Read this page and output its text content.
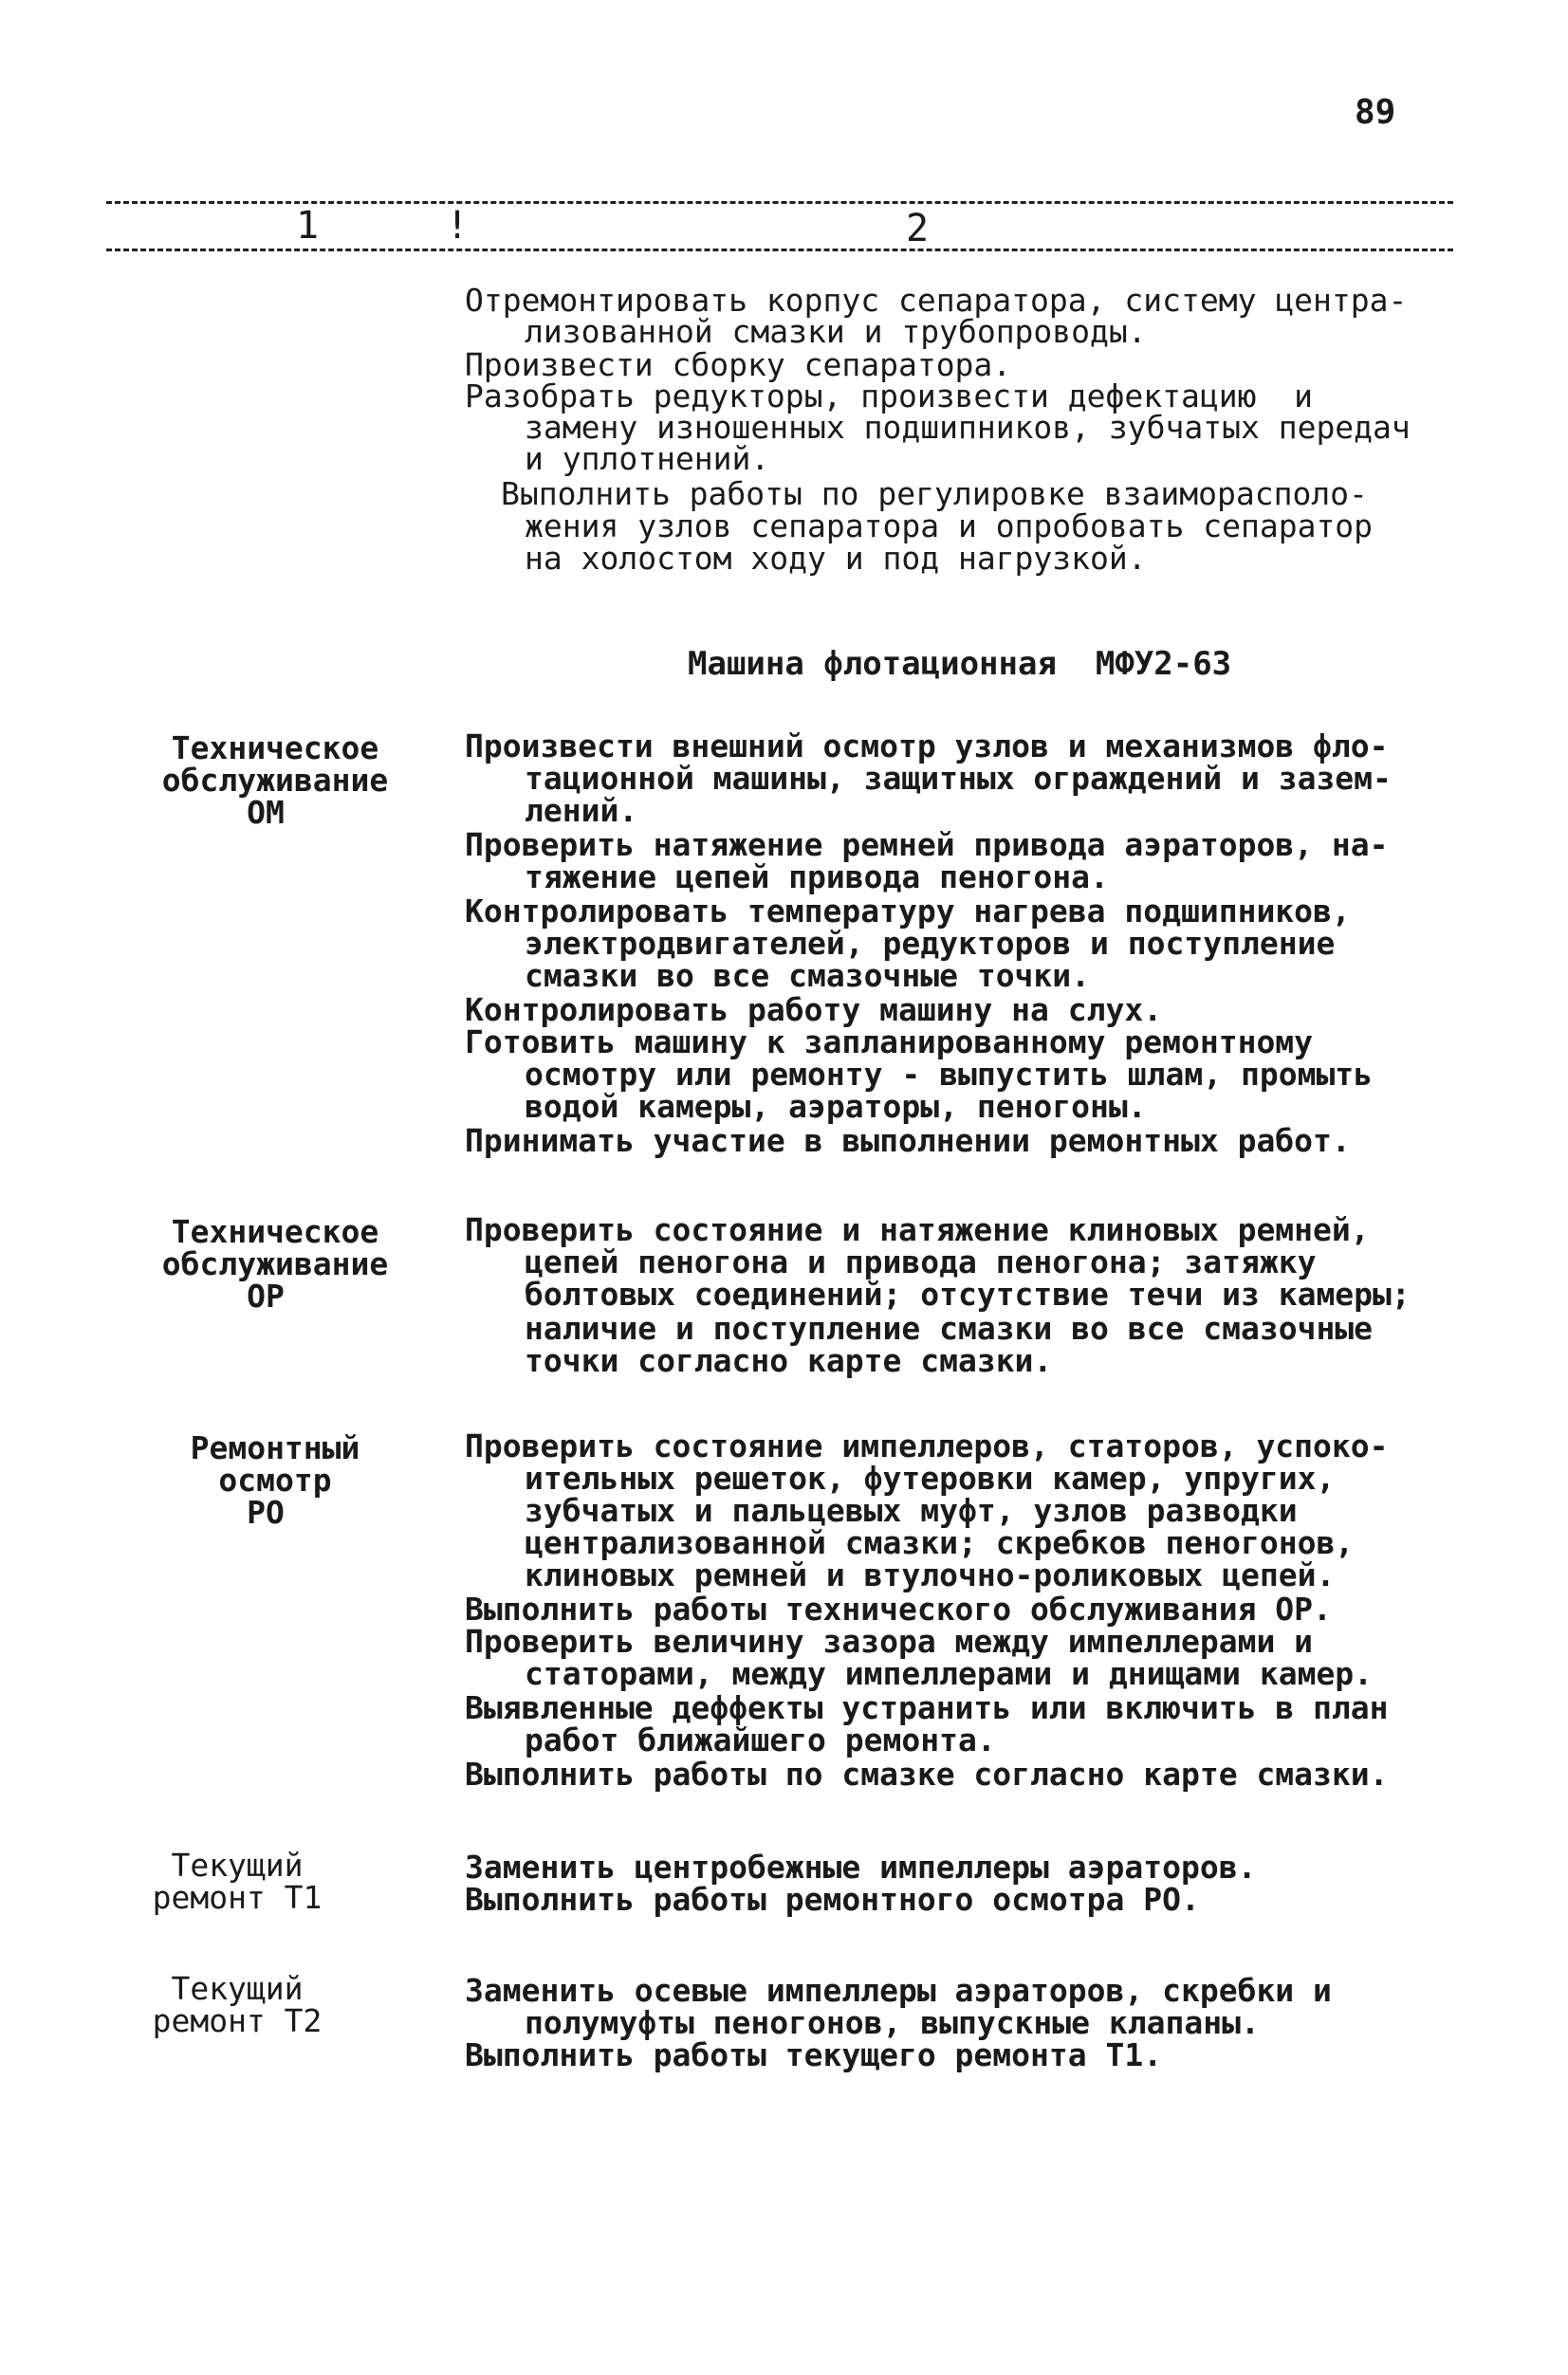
89
1	!	2
Отремонтировать корпус сепаратора, систему центра-
лизованной смазки и трубопроводы.
Произвести сборку сепаратора.
Разобрать редукторы, произвести дефектацию  и
замену изношенных подшипников, зубчатых передач
и уплотнений.
Выполнить работы по регулировке взаиморасполо-
жения узлов сепаратора и опробовать сепаратор
на холостом ходу и под нагрузкой.
Машина флотационная  МФУ2-63
Техническое
обслуживание
ОМ
Произвести внешний осмотр узлов и механизмов фло-
тационной машины, защитных ограждений и зазем-
лений.
Проверить натяжение ремней привода аэраторов, на-
тяжение цепей привода пеногона.
Контролировать температуру нагрева подшипников,
электродвигателей, редукторов и поступление
смазки во все смазочные точки.
Контролировать работу машину на слух.
Готовить машину к запланированному ремонтному
осмотру или ремонту - выпустить шлам, промыть
водой камеры, аэраторы, пеногоны.
Принимать участие в выполнении ремонтных работ.
Техническое
обслуживание
ОР
Проверить состояние и натяжение клиновых ремней,
цепей пеногона и привода пеногона; затяжку
болтовых соединений; отсутствие течи из камеры;
наличие и поступление смазки во все смазочные
точки согласно карте смазки.
Ремонтный
осмотр
РО
Проверить состояние импеллеров, статоров, успоко-
ительных решеток, футеровки камер, упругих,
зубчатых и пальцевых муфт, узлов разводки
централизованной смазки; скребков пеногонов,
клиновых ремней и втулочно-роликовых цепей.
Выполнить работы технического обслуживания ОР.
Проверить величину зазора между импеллерами и
статорами, между импеллерами и днищами камер.
Выявленные деффекты устранить или включить в план
работ ближайшего ремонта.
Выполнить работы по смазке согласно карте смазки.
Текущий
ремонт Т1
Заменить центробежные импеллеры аэраторов.
Выполнить работы ремонтного осмотра РО.
Текущий
ремонт Т2
Заменить осевые импеллеры аэраторов, скребки и
полумуфты пеногонов, выпускные клапаны.
Выполнить работы текущего ремонта Т1.
